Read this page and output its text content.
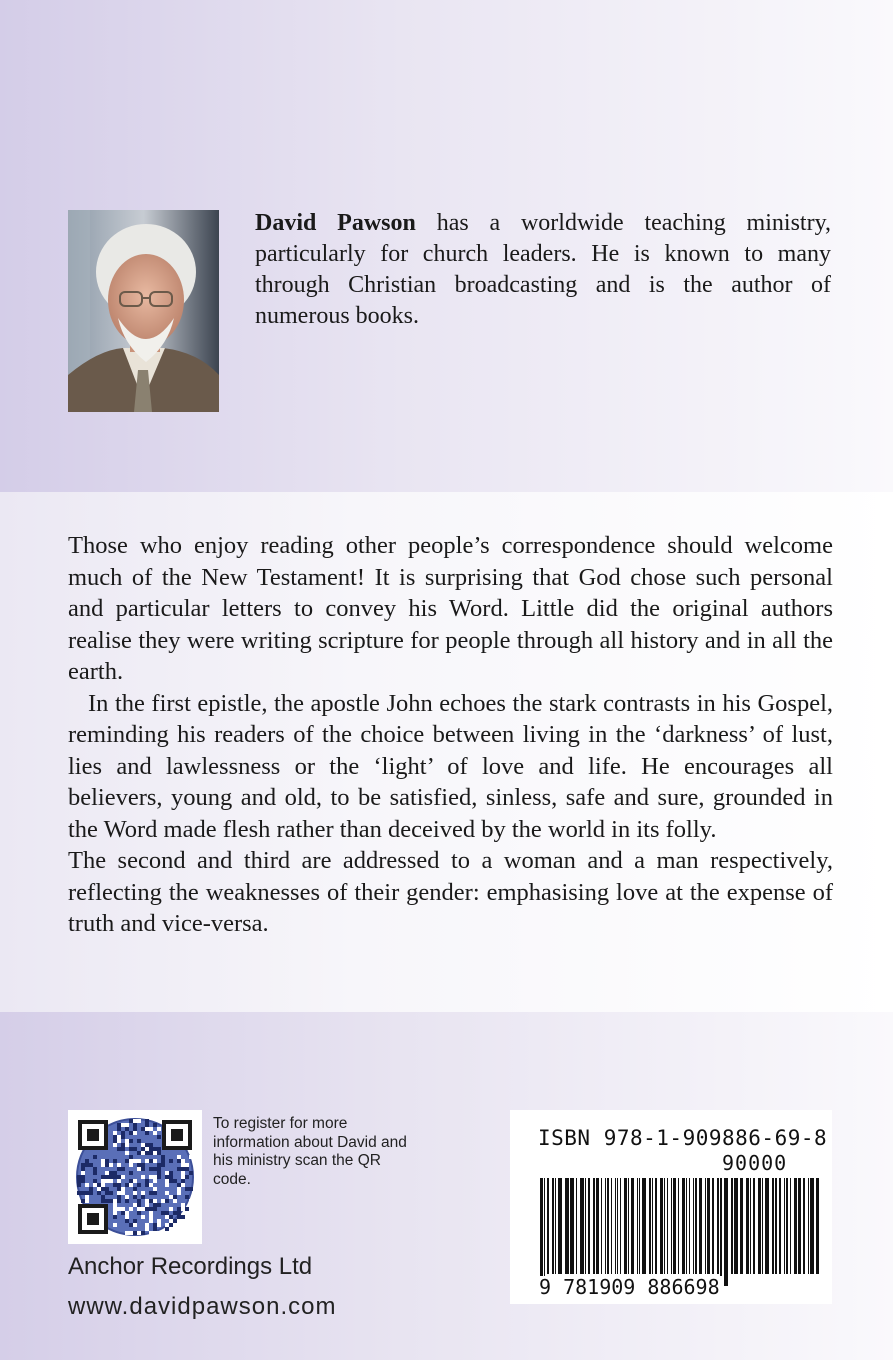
David Pawson has a worldwide teaching ministry, particularly for church leaders. He is known to many through Christian broadcasting and is the author of numerous books.

Those who enjoy reading other people’s correspondence should welcome much of the New Testament! It is surprising that God chose such personal and particular letters to convey his Word. Little did the original authors realise they were writing scripture for people through all history and in all the earth.

In the first epistle, the apostle John echoes the stark contrasts in his Gospel, reminding his readers of the choice between living in the ‘darkness’ of lust, lies and lawlessness or the ‘light’ of love and life. He encourages all believers, young and old, to be satisfied, sinless, safe and sure, grounded in the Word made flesh rather than deceived by the world in its folly.

The second and third are addressed to a woman and a man respectively, reflecting the weaknesses of their gender: emphasising love at the expense of truth and vice-versa.

To register for more information about David and his ministry scan the QR code.

Anchor Recordings Ltd

www.davidpawson.com

ISBN 978-1-909886-69-8

90000

9 781909 886698
